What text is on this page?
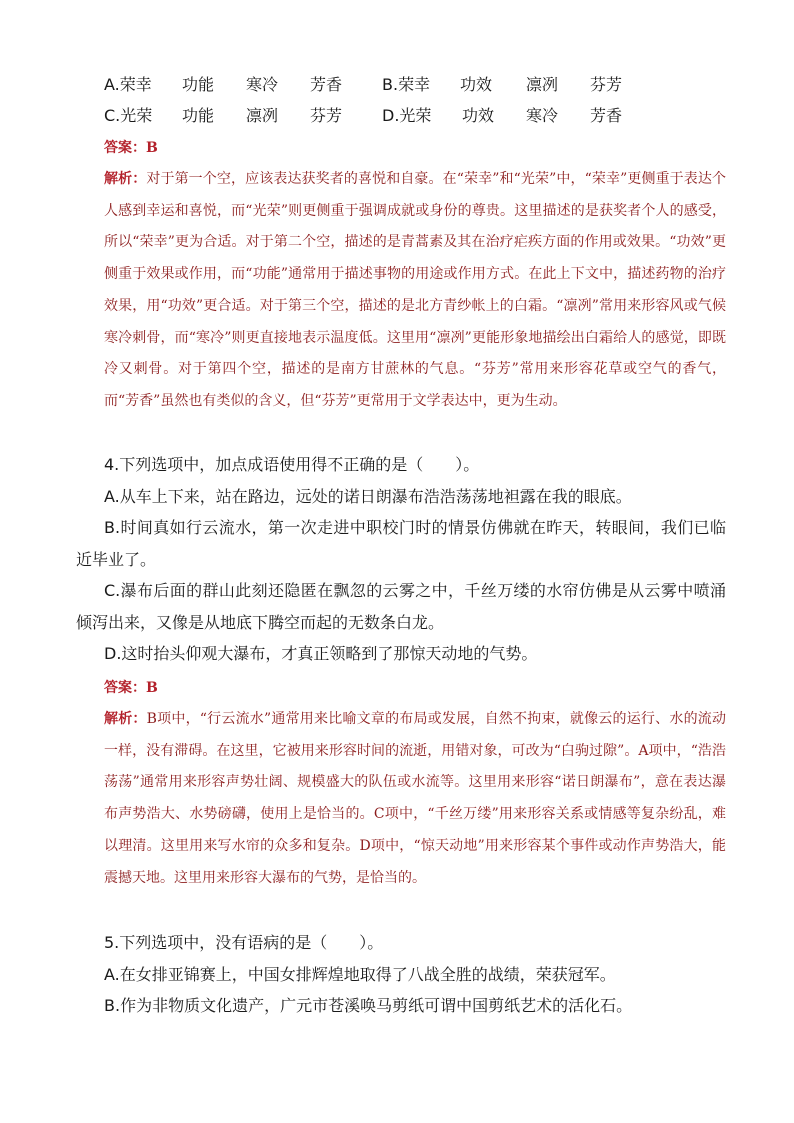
A.荣幸 功能 寒冷 芳香 B.荣幸 功效 凛冽 芬芳
C.光荣 功能 凛冽 芬芳 D.光荣 功效 寒冷 芳香
答案：B
解析：对于第一个空，应该表达获奖者的喜悦和自豪。在“荣幸”和“光荣”中，“荣幸”更侧重于表达个人感到幸运和喜悦，而“光荣”则更侧重于强调成就或身份的尊贵。这里描述的是获奖者个人的感受，所以“荣幸”更为合适。对于第二个空，描述的是青蒿素及其在治疗疟疾方面的作用或效果。“功效”更侧重于效果或作用，而“功能”通常用于描述事物的用途或作用方式。在此上下文中，描述药物的治疗效果，用“功效”更合适。对于第三个空，描述的是北方青纱帐上的白霜。“凛冽”常用来形容风或气候寒冷刺骨，而“寒冷”则更直接地表示温度低。这里用“凛冽”更能形象地描绘出白霜给人的感觉，即既冷又刺骨。对于第四个空，描述的是南方甘蔗林的气息。“芬芳”常用来形容花草或空气的香气，而“芳香”虽然也有类似的含义，但“芬芳”更常用于文学表达中，更为生动。
4.下列选项中，加点成语使用得不正确的是（　　）。
A.从车上下来，站在路边，远处的诺日朗瀑布浩浩荡荡地袒露在我的眼底。
B.时间真如行云流水，第一次走进中职校门时的情景仿佛就在昨天，转眼间，我们已临近毕业了。
C.瀑布后面的群山此刻还隐匿在飘忽的云雾之中，千丝万缕的水帘仿佛是从云雾中喷涌倾泻出来，又像是从地底下腾空而起的无数条白龙。
D.这时抬头仰观大瀑布，才真正领略到了那惊天动地的气势。
答案：B
解析：B项中，“行云流水”通常用来比喻文章的布局或发展，自然不拘束，就像云的运行、水的流动一样，没有滞碍。在这里，它被用来形容时间的流逝，用错对象，可改为“白驹过隙”。A项中，“浩浩荡荡”通常用来形容声势壮阔、规模盛大的队伍或水流等。这里用来形容“诺日朗瀑布”，意在表达瀑布声势浩大、水势磅礴，使用上是恰当的。C项中，“千丝万缕”用来形容关系或情感等复杂纷乱，难以理清。这里用来写水帘的众多和复杂。D项中，“惊天动地”用来形容某个事件或动作声势浩大，能震撼天地。这里用来形容大瀑布的气势，是恰当的。
5.下列选项中，没有语病的是（　　）。
A.在女排亚锦赛上，中国女排辉煌地取得了八战全胜的战绩，荣获冠军。
B.作为非物质文化遗产，广元市苍溪唤马剪纸可谓中国剪纸艺术的活化石。
